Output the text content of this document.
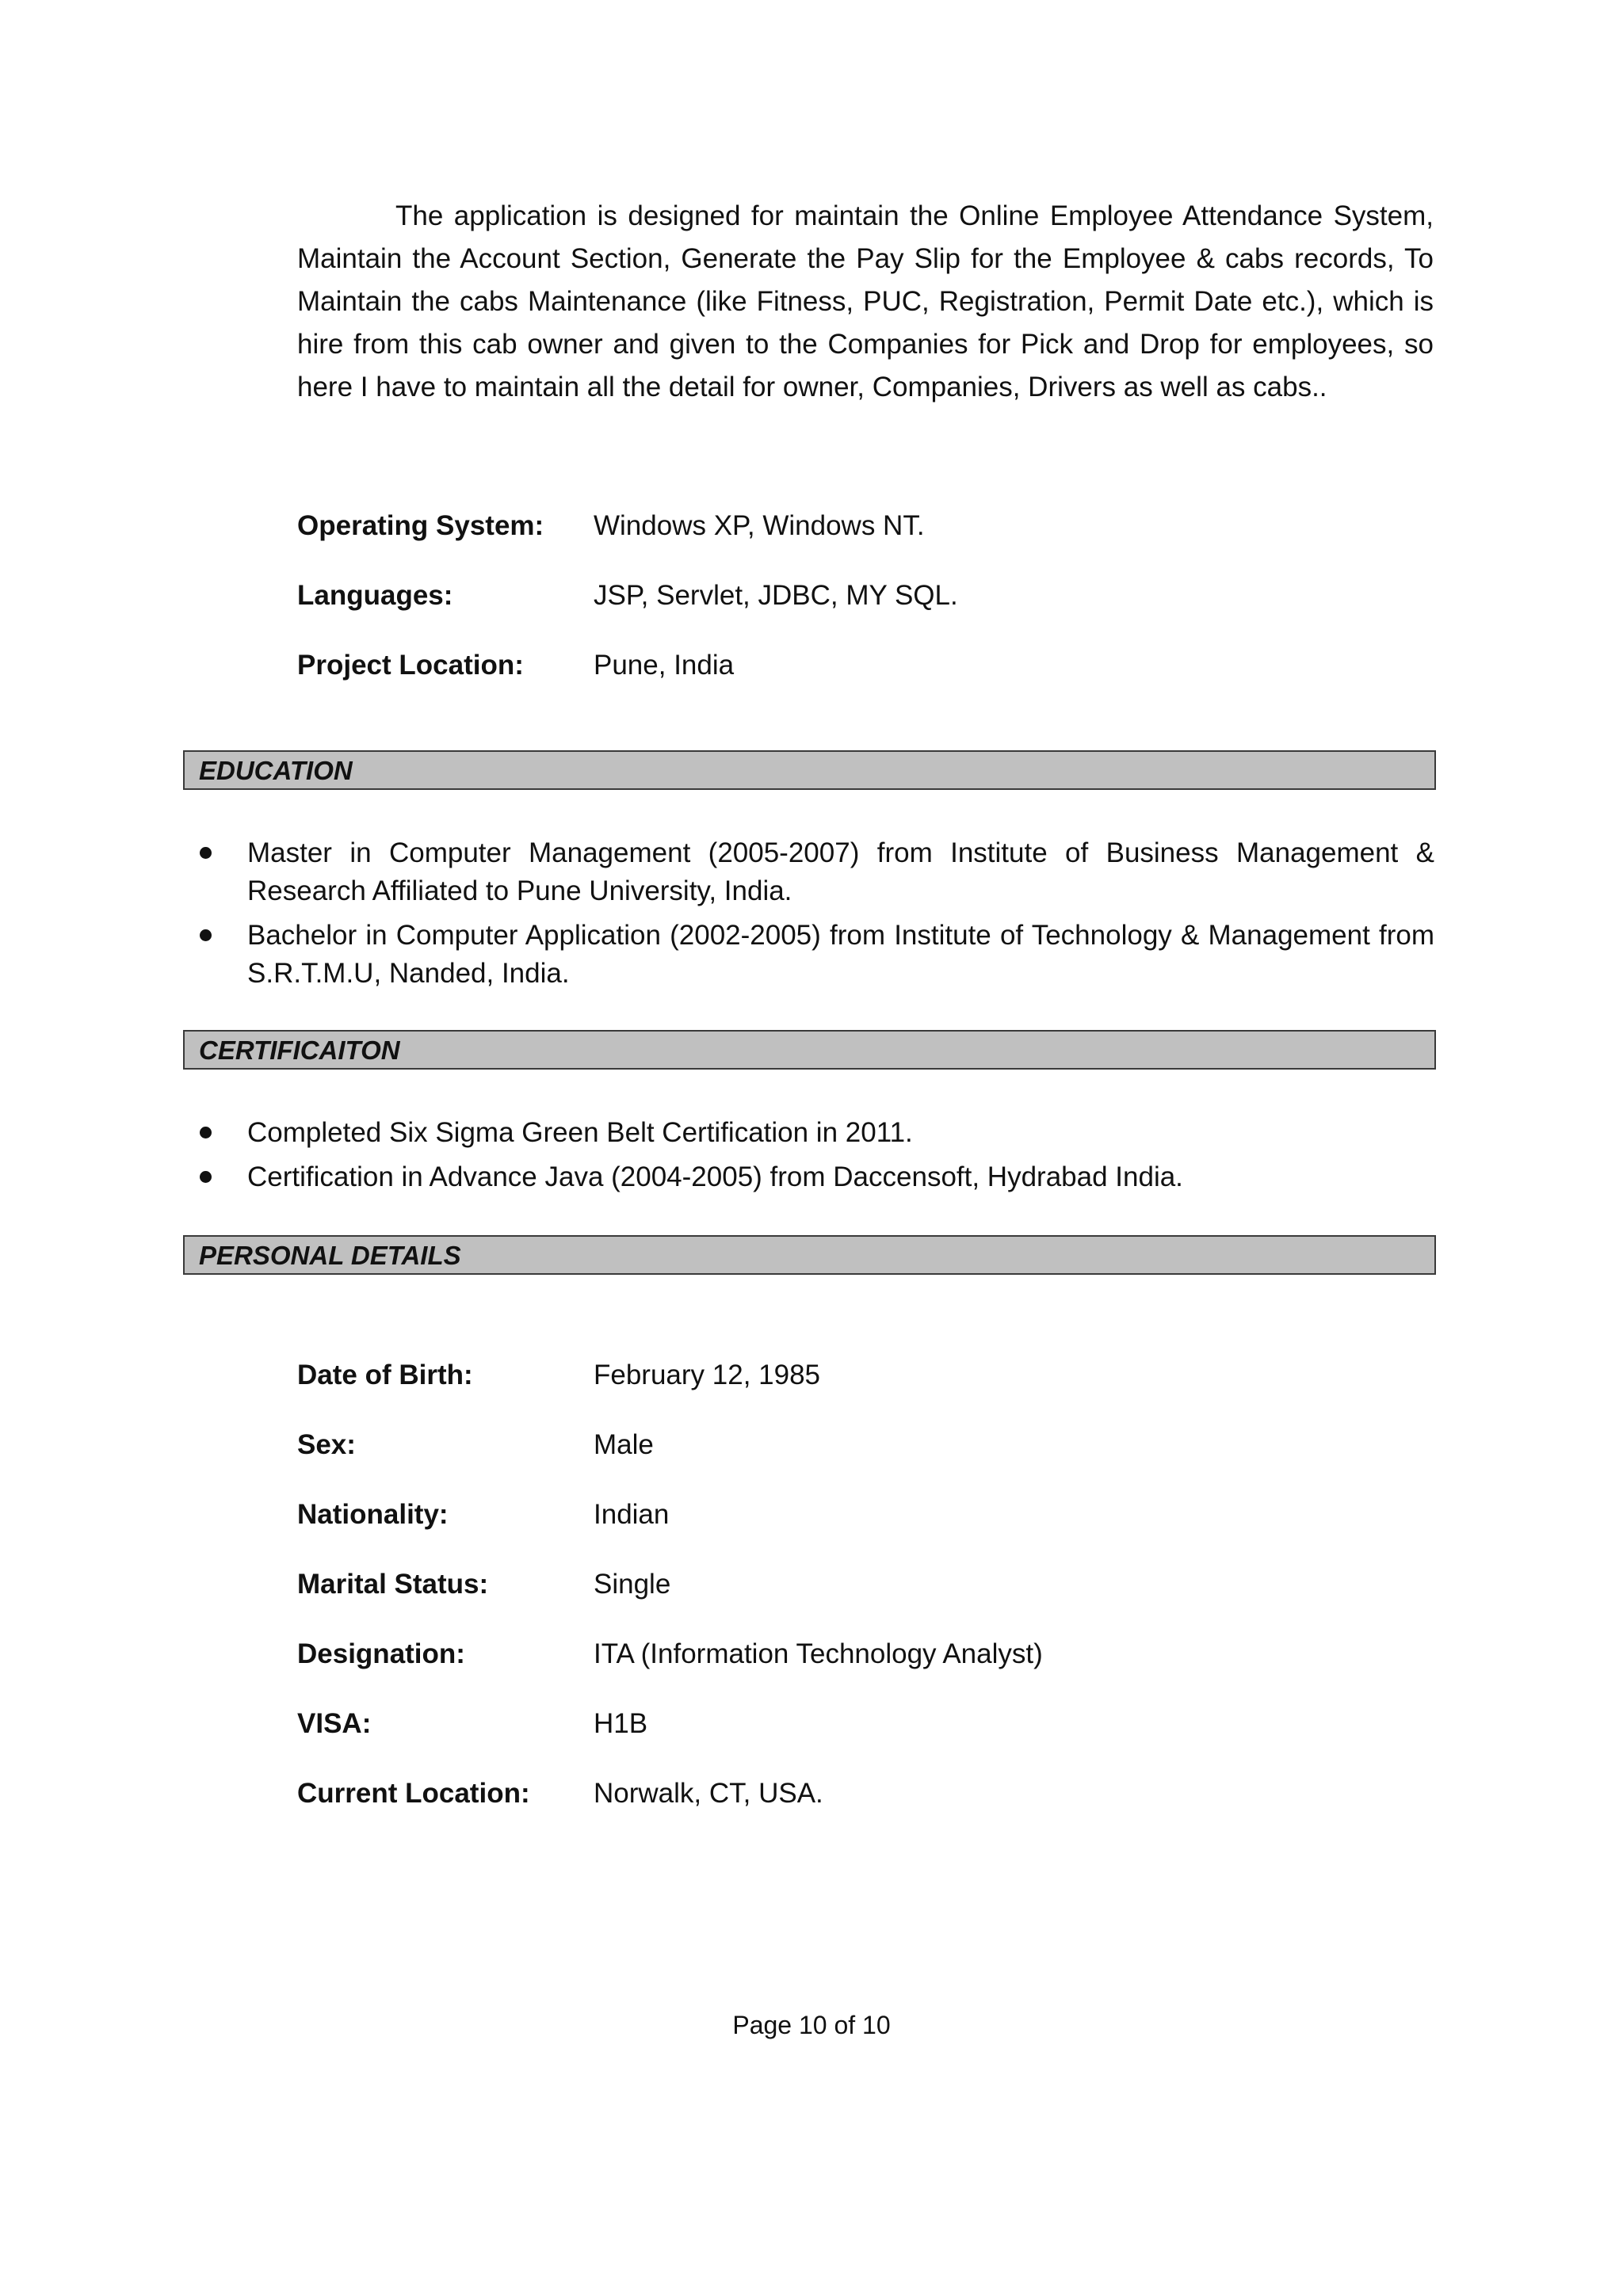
The application is designed for maintain the Online Employee Attendance System, Maintain the Account Section, Generate the Pay Slip for the Employee & cabs records, To Maintain the cabs Maintenance (like Fitness, PUC, Registration, Permit Date etc.), which is hire from this cab owner and given to the Companies for Pick and Drop for employees, so here I have to maintain all the detail for owner, Companies, Drivers as well as cabs..

Operating System: Windows XP, Windows NT.
Languages:	JSP, Servlet, JDBC, MY SQL.
Project Location:	Pune, India
EDUCATION
Master in Computer Management (2005-2007) from Institute of Business Management & Research Affiliated to Pune University, India.
Bachelor in Computer Application (2002-2005) from Institute of Technology & Management from S.R.T.M.U, Nanded, India.
CERTIFICAITON
Completed Six Sigma Green Belt Certification in 2011.
Certification in Advance Java (2004-2005) from Daccensoft, Hydrabad India.
PERSONAL DETAILS
Date of Birth:	February 12, 1985
Sex:	Male
Nationality:	Indian
Marital Status:	Single
Designation:	ITA (Information Technology Analyst)
VISA:	H1B
Current Location: Norwalk, CT, USA.
Page 10 of 10
